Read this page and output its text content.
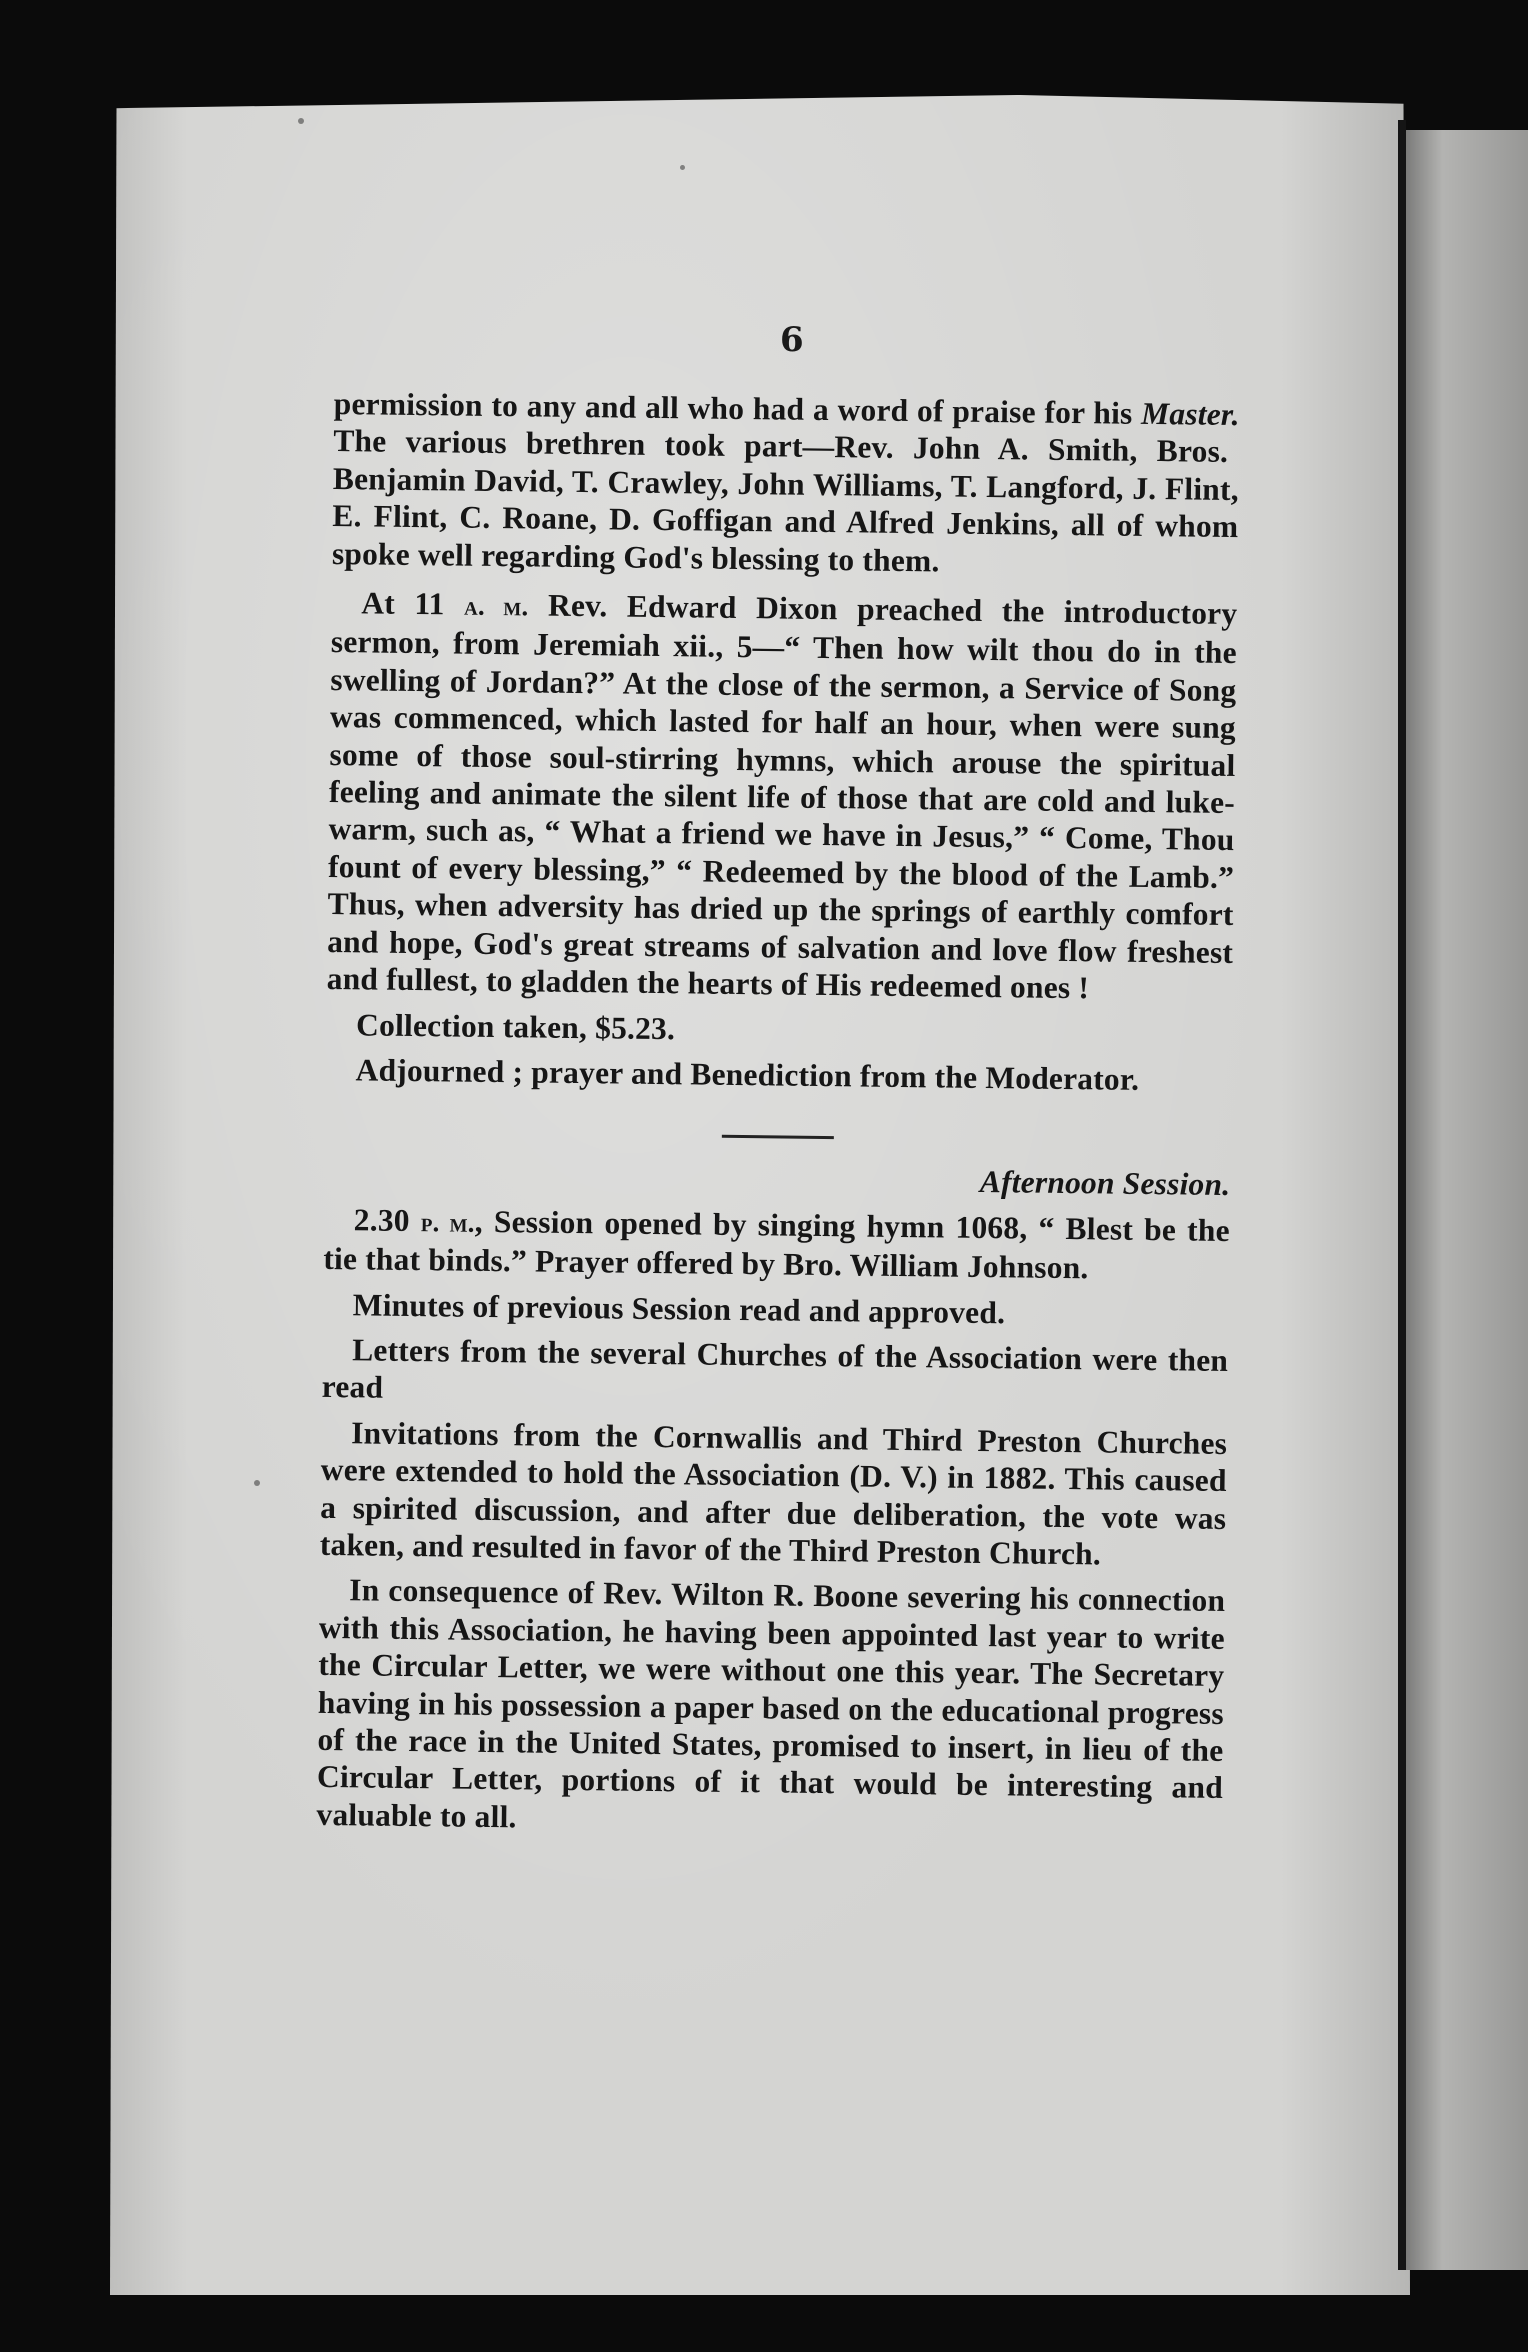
6

permission to any and all who had a word of praise for his Master. The various brethren took part—Rev. John A. Smith, Bros. Benjamin David, T. Crawley, John Williams, T. Langford, J. Flint, E. Flint, C. Roane, D. Goffigan and Alfred Jenkins, all of whom spoke well regarding God's blessing to them.

At 11 a. m. Rev. Edward Dixon preached the introductory sermon, from Jeremiah xii., 5—“ Then how wilt thou do in the swelling of Jordan?” At the close of the sermon, a Service of Song was commenced, which lasted for half an hour, when were sung some of those soul-stirring hymns, which arouse the spiritual feeling and animate the silent life of those that are cold and luke-warm, such as, “ What a friend we have in Jesus,” “ Come, Thou fount of every blessing,” “ Redeemed by the blood of the Lamb.” Thus, when adversity has dried up the springs of earthly comfort and hope, God's great streams of salvation and love flow freshest and fullest, to gladden the hearts of His redeemed ones !

Collection taken, $5.23.

Adjourned ; prayer and Benediction from the Moderator.

Afternoon Session.

2.30 p. m., Session opened by singing hymn 1068, “ Blest be the tie that binds.” Prayer offered by Bro. William Johnson.

Minutes of previous Session read and approved.

Letters from the several Churches of the Association were then read

Invitations from the Cornwallis and Third Preston Churches were extended to hold the Association (D. V.) in 1882. This caused a spirited discussion, and after due deliberation, the vote was taken, and resulted in favor of the Third Preston Church.

In consequence of Rev. Wilton R. Boone severing his connection with this Association, he having been appointed last year to write the Circular Letter, we were without one this year. The Secretary having in his possession a paper based on the educational progress of the race in the United States, promised to insert, in lieu of the Circular Letter, portions of it that would be interesting and valuable to all.
